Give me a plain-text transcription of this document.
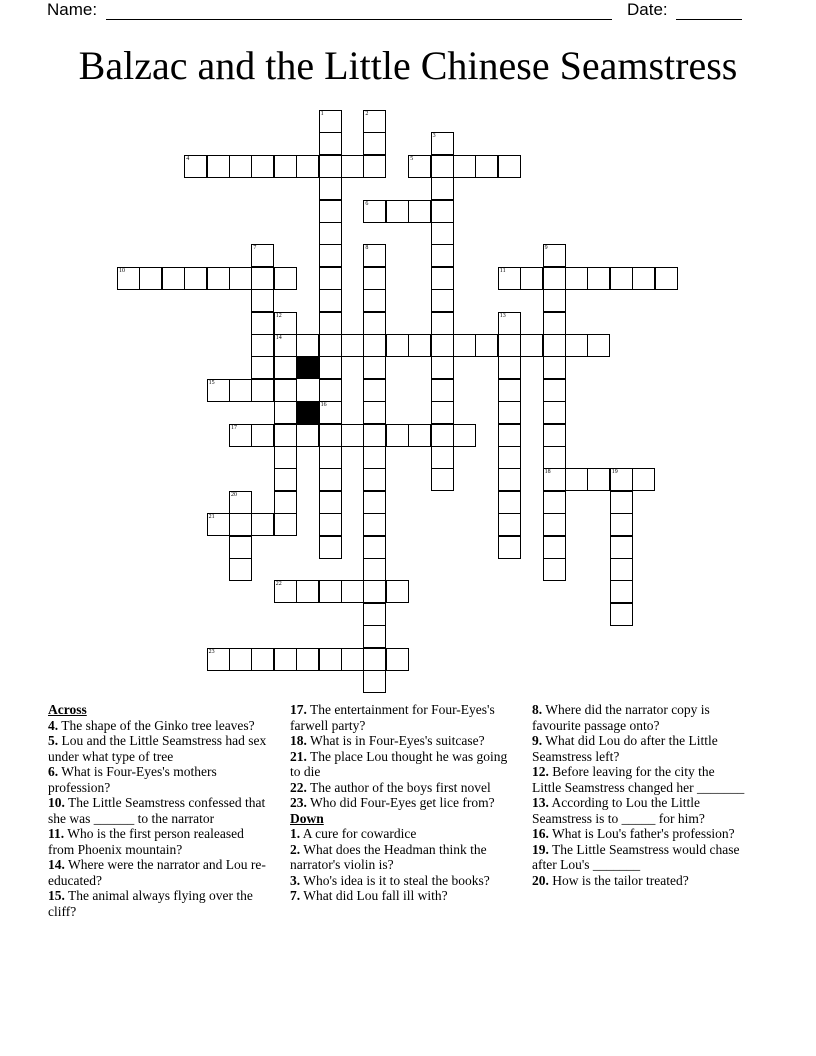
Name:	Date:
Balzac and the Little Chinese Seamstress
1
16
2
3
4	5
6
7	8	9
18
10	11
12
14
13
15
17
19
20
21
22
23
Across
4. The shape of the Ginko tree leaves?
5. Lou and the Little Seamstress had sex under what type of tree
6. What is Four-Eyes's mothers profession?
10. The Little Seamstress confessed that she was ______ to the narrator
11. Who is the first person realeased from Phoenix mountain?
14. Where were the narrator and Lou re-educated?
15. The animal always flying over the cliff?
17. The entertainment for Four-Eyes's farwell party?
18. What is in Four-Eyes's suitcase?
21. The place Lou thought he was going to die
22. The author of the boys first novel
23. Who did Four-Eyes get lice from?
Down
1. A cure for cowardice
2. What does the Headman think the narrator's violin is?
3. Who's idea is it to steal the books?
7. What did Lou fall ill with?
8. Where did the narrator copy is favourite passage onto?
9. What did Lou do after the Little Seamstress left?
12. Before leaving for the city the Little Seamstress changed her _______
13. According to Lou the Little Seamstress is to _____ for him?
16. What is Lou's father's profession?
19. The Little Seamstress would chase after Lou's _______
20. How is the tailor treated?
